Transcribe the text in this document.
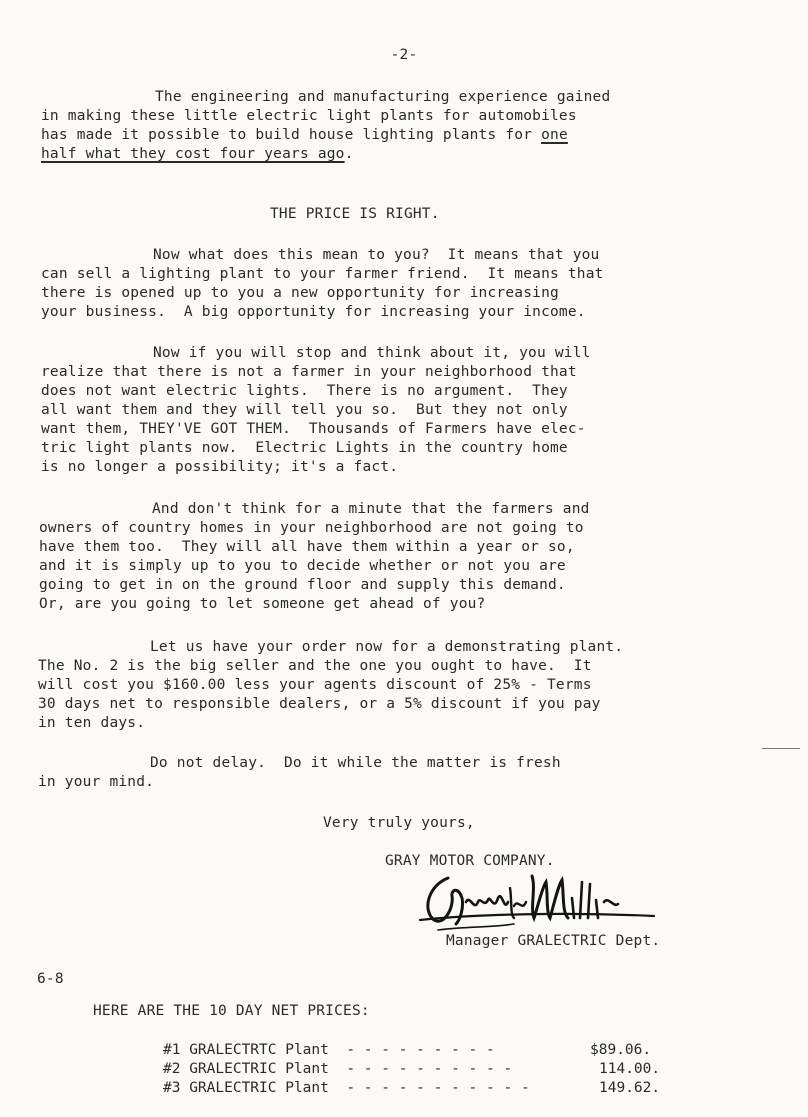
-2-
The engineering and manufacturing experience gained
in making these little electric light plants for automobiles
has made it possible to build house lighting plants for one
half what they cost four years ago.
THE PRICE IS RIGHT.
Now what does this mean to you?  It means that you
can sell a lighting plant to your farmer friend.  It means that
there is opened up to you a new opportunity for increasing
your business.  A big opportunity for increasing your income.
Now if you will stop and think about it, you will
realize that there is not a farmer in your neighborhood that
does not want electric lights.  There is no argument.  They
all want them and they will tell you so.  But they not only
want them, THEY'VE GOT THEM.  Thousands of Farmers have elec-
tric light plants now.  Electric Lights in the country home
is no longer a possibility; it's a fact.
And don't think for a minute that the farmers and
owners of country homes in your neighborhood are not going to
have them too.  They will all have them within a year or so,
and it is simply up to you to decide whether or not you are
going to get in on the ground floor and supply this demand.
Or, are you going to let someone get ahead of you?
Let us have your order now for a demonstrating plant.
The No. 2 is the big seller and the one you ought to have.  It
will cost you $160.00 less your agents discount of 25% - Terms
30 days net to responsible dealers, or a 5% discount if you pay
in ten days.
Do not delay.  Do it while the matter is fresh
in your mind.
Very truly yours,
GRAY MOTOR COMPANY.
Manager GRALECTRIC Dept.
6-8
HERE ARE THE 10 DAY NET PRICES:
#1 GRALECTRTC Plant - - - - - - - - -	$89.06.
#2 GRALECTRIC Plant - - - - - - - - - -	114.00.
#3 GRALECTRIC Plant - - - - - - - - - - -	149.62.
